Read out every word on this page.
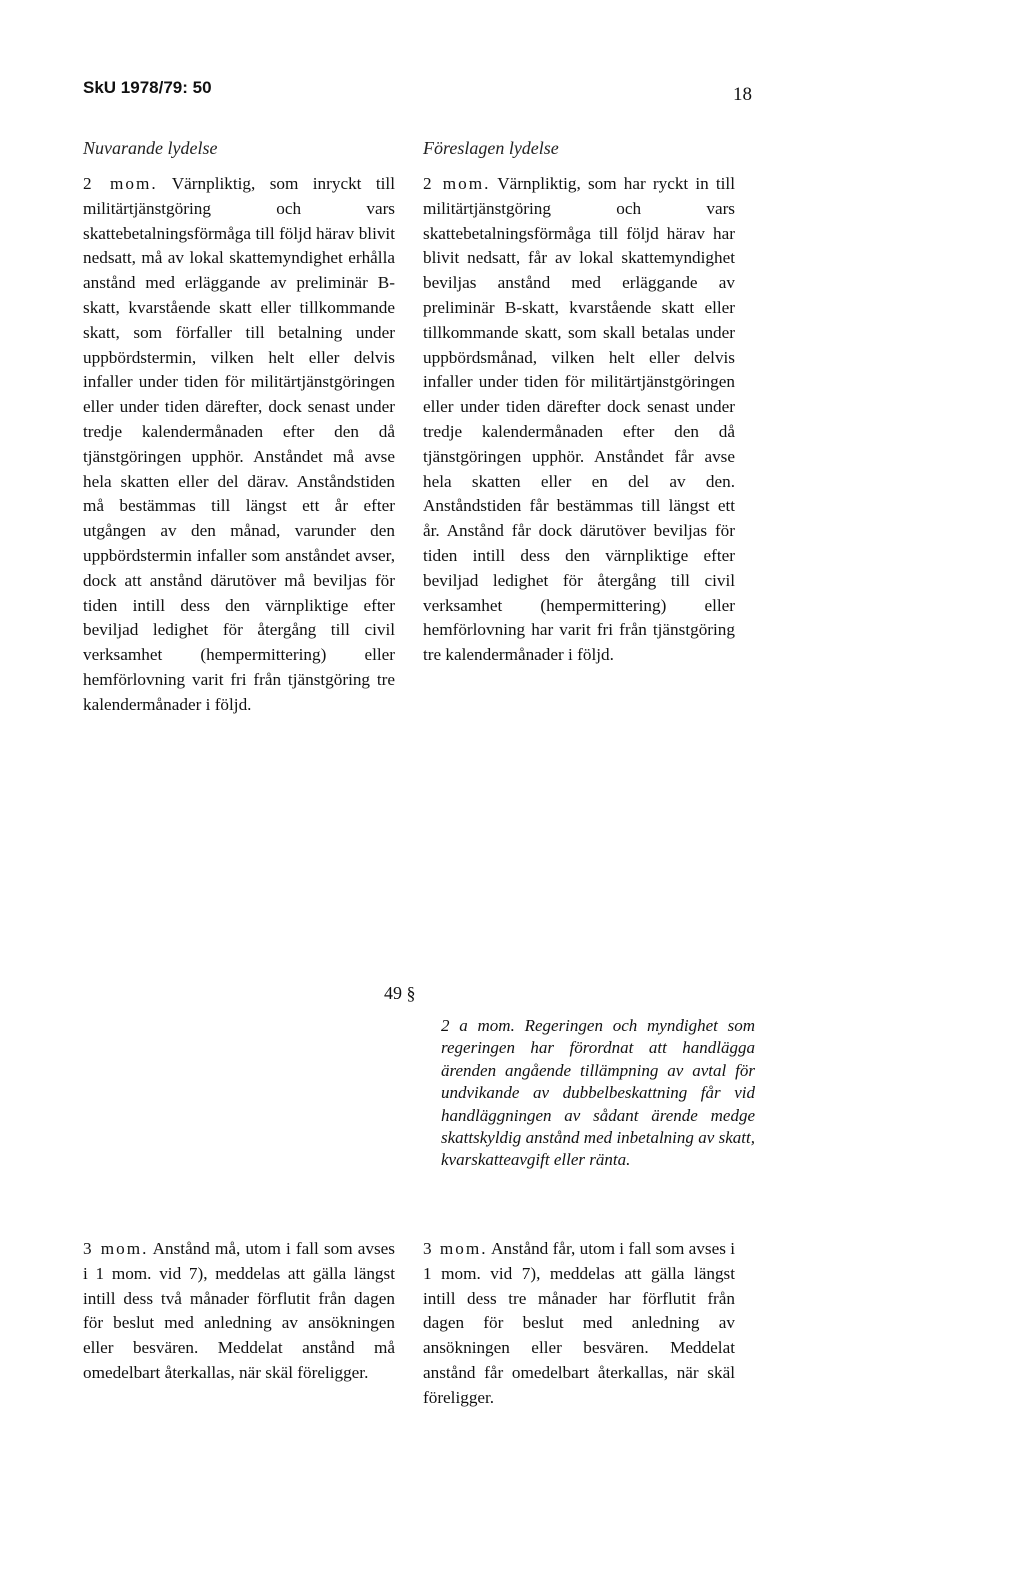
SkU 1978/79: 50	18
Nuvarande lydelse	Föreslagen lydelse
2 mom. Värnpliktig, som inryckt till militärtjänstgöring och vars skattebetalningsförmåga till följd härav blivit nedsatt, må av lokal skattemyndighet erhålla anstånd med erläggande av preliminär B-skatt, kvarstående skatt eller tillkommande skatt, som förfaller till betalning under uppbördstermin, vilken helt eller delvis infaller under tiden för militärtjänstgöringen eller under tiden därefter, dock senast under tredje kalendermånaden efter den då tjänstgöringen upphör. Anståndet må avse hela skatten eller del därav. Anståndstiden må bestämmas till längst ett år efter utgången av den månad, varunder den uppbördstermin infaller som anståndet avser, dock att anstånd därutöver må beviljas för tiden intill dess den värnpliktige efter beviljad ledighet för återgång till civil verksamhet (hempermittering) eller hemförlovning varit fri från tjänstgöring tre kalendermånader i följd.
2 mom. Värnpliktig, som har ryckt in till militärtjänstgöring och vars skattebetalningsförmåga till följd härav har blivit nedsatt, får av lokal skattemyndighet beviljas anstånd med erläggande av preliminär B-skatt, kvarstående skatt eller tillkommande skatt, som skall betalas under uppbördsmånad, vilken helt eller delvis infaller under tiden för militärtjänstgöringen eller under tiden därefter dock senast under tredje kalendermånaden efter den då tjänstgöringen upphör. Anståndet får avse hela skatten eller en del av den. Anståndstiden får bestämmas till längst ett år. Anstånd får dock därutöver beviljas för tiden intill dess den värnpliktige efter beviljad ledighet för återgång till civil verksamhet (hempermittering) eller hemförlovning har varit fri från tjänstgöring tre kalendermånader i följd.
49 §
2 a mom. Regeringen och myndighet som regeringen har förordnat att handlägga ärenden angående tillämpning av avtal för undvikande av dubbelbeskattning får vid handläggningen av sådant ärende medge skattskyldig anstånd med inbetalning av skatt, kvarskatteavgift eller ränta.
3 mom. Anstånd må, utom i fall som avses i 1 mom. vid 7), meddelas att gälla längst intill dess två månader förflutit från dagen för beslut med anledning av ansökningen eller besvären. Meddelat anstånd må omedelbart återkallas, när skäl föreligger.
3 mom. Anstånd får, utom i fall som avses i 1 mom. vid 7), meddelas att gälla längst intill dess tre månader har förflutit från dagen för beslut med anledning av ansökningen eller besvären. Meddelat anstånd får omedelbart återkallas, när skäl föreligger.
